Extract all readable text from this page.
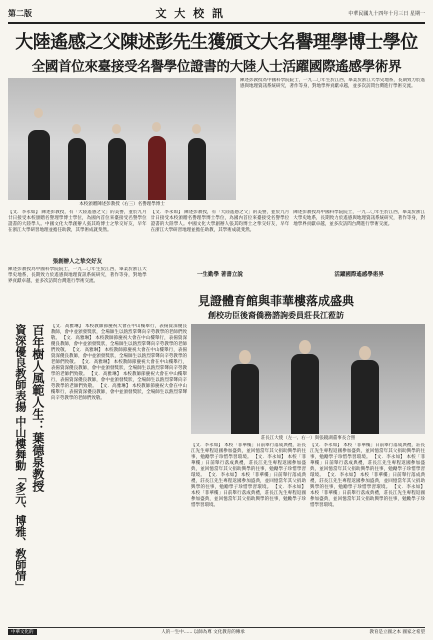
第二版	文 大 校 訊	中華民國九十四年十月三日 星期一
大陸遙感之父陳述彭先生獲頒文大名譽理學博士學位
全國首位來臺接受名譽學位證書的大陸人士活躍國際遙感學術界
本校頒贈陳述彭教授（右三）名譽理學博士
陳述彭教授為中國科學院院士，一九二〇年生於江西，畢業於浙江大學史地系，長期致力於遙感與地理資訊系統研究，著作等身，對地學界貢獻卓越，並多次訪問台灣進行學術交流。
【文．李永如】 陳述彭教授，有「大陸遙感之父」的美譽，並於九月廿日接受本校頒贈名譽理學博士學位，為國內首位來臺接受名譽學位證書的大陸學人。中國文化大學創辦人張其昀博士之挚交好友，早年在浙江大學研習地理並擔任助教，其學術成就斐然。
張創辦人之挚交好友
陳述彭教授為中國科學院院士，一九二〇年生於江西，畢業於浙江大學史地系，長期致力於遙感與地理資訊系統研究，著作等身，對地學界貢獻卓越，並多次訪問台灣進行學術交流。
【文．李永如】 陳述彭教授，有「大陸遙感之父」的美譽，並於九月廿日接受本校頒贈名譽理學博士學位，為國內首位來臺接受名譽學位證書的大陸學人。中國文化大學創辦人張其昀博士之挚交好友，早年在浙江大學研習地理並擔任助教，其學術成就斐然。
一生勤學 著書立說
陳述彭教授為中國科學院院士，一九二〇年生於江西，畢業於浙江大學史地系，長期致力於遙感與地理資訊系統研究，著作等身，對地學界貢獻卓越，並多次訪問台灣進行學術交流。
活躍國際遙感學術界
見證體育館與菲華樓落成盛典
創校功臣後裔僑務諮詢委員莊長江蒞訪
百年樹人風範人生：葉德泉教授
資深優良教師表揚 中山樓舞動「多元、博雅、敎師情」	【文．高雅琳】 本校教師節慶祝大會在中山樓舉行，表揚資深優良教師，會中並頒發獎狀，全場師生以熱烈掌聲向辛勞教學的老師們致敬。 【文．高雅琳】 本校教師節慶祝大會在中山樓舉行，表揚資深優良教師，會中並頒發獎狀，全場師生以熱烈掌聲向辛勞教學的老師們致敬。 【文．高雅琳】 本校教師節慶祝大會在中山樓舉行，表揚資深優良教師，會中並頒發獎狀，全場師生以熱烈掌聲向辛勞教學的老師們致敬。 【文．高雅琳】 本校教師節慶祝大會在中山樓舉行，表揚資深優良教師，會中並頒發獎狀，全場師生以熱烈掌聲向辛勞教學的老師們致敬。 【文．高雅琳】 本校教師節慶祝大會在中山樓舉行，表揚資深優良教師，會中並頒發獎狀，全場師生以熱烈掌聲向辛勞教學的老師們致敬。 【文．高雅琳】 本校教師節慶祝大會在中山樓舉行，表揚資深優良教師，會中並頒發獎狀，全場師生以熱烈掌聲向辛勞教學的老師們致敬。
莊長江大使（左一、右一）與張鏡湖董事長合照
【文．李永如】 本校「菲華樓」日前舉行落成典禮，莊長江先生專程返國參加盛典，並回憶當年其父捐助興學的往事，勉勵學子珍惜學習環境。 【文．李永如】 本校「菲華樓」日前舉行落成典禮，莊長江先生專程返國參加盛典，並回憶當年其父捐助興學的往事，勉勵學子珍惜學習環境。 【文．李永如】 本校「菲華樓」日前舉行落成典禮，莊長江先生專程返國參加盛典，並回憶當年其父捐助興學的往事，勉勵學子珍惜學習環境。 【文．李永如】 本校「菲華樓」日前舉行落成典禮，莊長江先生專程返國參加盛典，並回憶當年其父捐助興學的往事，勉勵學子珍惜學習環境。
【文．李永如】 本校「菲華樓」日前舉行落成典禮，莊長江先生專程返國參加盛典，並回憶當年其父捐助興學的往事，勉勵學子珍惜學習環境。 【文．李永如】 本校「菲華樓」日前舉行落成典禮，莊長江先生專程返國參加盛典，並回憶當年其父捐助興學的往事，勉勵學子珍惜學習環境。 【文．李永如】 本校「菲華樓」日前舉行落成典禮，莊長江先生專程返國參加盛典，並回憶當年其父捐助興學的往事，勉勵學子珍惜學習環境。 【文．李永如】 本校「菲華樓」日前舉行落成典禮，莊長江先生專程返國參加盛典，並回憶當年其父捐助興學的往事，勉勵學子珍惜學習環境。
中華文化的	人的一生中...... 以師為尊 文化教育的傳承	教育是立國之本 國家之希望
